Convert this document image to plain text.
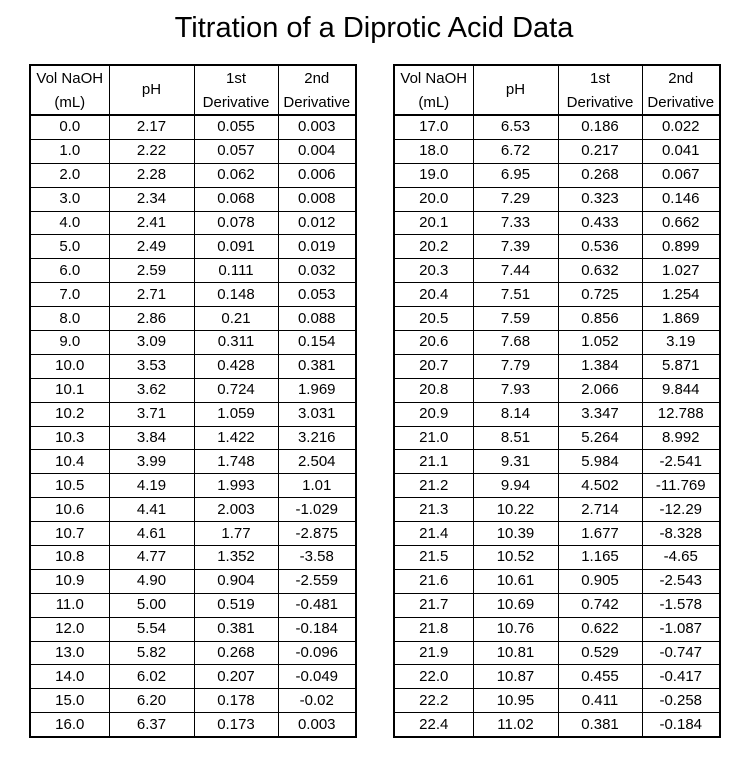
Titration of a Diprotic Acid Data
Vol NaOH	pH	1st	2nd
(mL)		Derivative	Derivative
0.0	2.17	0.055	0.003
1.0	2.22	0.057	0.004
2.0	2.28	0.062	0.006
3.0	2.34	0.068	0.008
4.0	2.41	0.078	0.012
5.0	2.49	0.091	0.019
6.0	2.59	0.111	0.032
7.0	2.71	0.148	0.053
8.0	2.86	0.21	0.088
9.0	3.09	0.311	0.154
10.0	3.53	0.428	0.381
10.1	3.62	0.724	1.969
10.2	3.71	1.059	3.031
10.3	3.84	1.422	3.216
10.4	3.99	1.748	2.504
10.5	4.19	1.993	1.01
10.6	4.41	2.003	-1.029
10.7	4.61	1.77	-2.875
10.8	4.77	1.352	-3.58
10.9	4.90	0.904	-2.559
11.0	5.00	0.519	-0.481
12.0	5.54	0.381	-0.184
13.0	5.82	0.268	-0.096
14.0	6.02	0.207	-0.049
15.0	6.20	0.178	-0.02
16.0	6.37	0.173	0.003
Vol NaOH	pH	1st	2nd
(mL)		Derivative	Derivative
17.0	6.53	0.186	0.022
18.0	6.72	0.217	0.041
19.0	6.95	0.268	0.067
20.0	7.29	0.323	0.146
20.1	7.33	0.433	0.662
20.2	7.39	0.536	0.899
20.3	7.44	0.632	1.027
20.4	7.51	0.725	1.254
20.5	7.59	0.856	1.869
20.6	7.68	1.052	3.19
20.7	7.79	1.384	5.871
20.8	7.93	2.066	9.844
20.9	8.14	3.347	12.788
21.0	8.51	5.264	8.992
21.1	9.31	5.984	-2.541
21.2	9.94	4.502	-11.769
21.3	10.22	2.714	-12.29
21.4	10.39	1.677	-8.328
21.5	10.52	1.165	-4.65
21.6	10.61	0.905	-2.543
21.7	10.69	0.742	-1.578
21.8	10.76	0.622	-1.087
21.9	10.81	0.529	-0.747
22.0	10.87	0.455	-0.417
22.2	10.95	0.411	-0.258
22.4	11.02	0.381	-0.184
